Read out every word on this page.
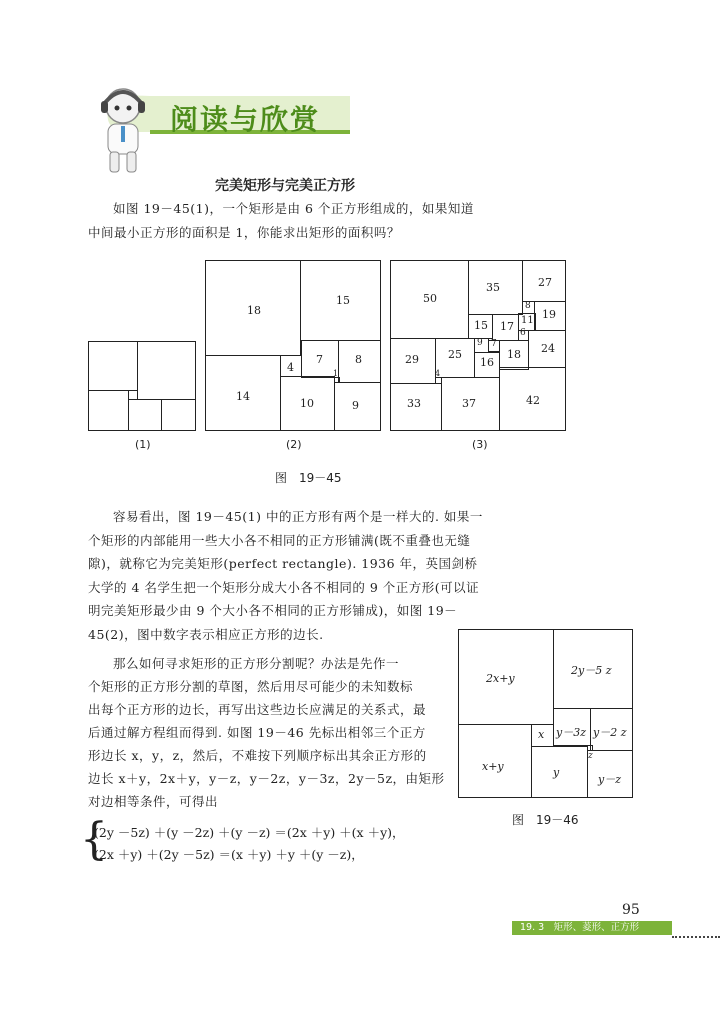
阅读与欣赏
完美矩形与完美正方形
如图 19－45(1)，一个矩形是由 6 个正方形组成的，如果知道中间最小正方形的面积是 1，你能求出矩形的面积吗？
18
15
4
7	8
14
1
10	9
50
35	27
8
19
15 17 11
6
24
29	25
9 7
18
16
4
33	37	42
(1)	(2)	(3)
图　19－45
容易看出，图 19－45(1) 中的正方形有两个是一样大的. 如果一个矩形的内部能用一些大小各不相同的正方形铺满(既不重叠也无缝隙)，就称它为完美矩形(perfect rectangle). 1936 年，英国剑桥大学的 4 名学生把一个矩形分成大小各不相同的 9 个正方形(可以证明完美矩形最少由 9 个大小各不相同的正方形铺成)，如图 19－45(2)，图中数字表示相应正方形的边长.
那么如何寻求矩形的正方形分割呢？办法是先作一
个矩形的正方形分割的草图，然后用尽可能少的未知数标
出每个正方形的边长，再写出这些边长应满足的关系式，最
后通过解方程组而得到. 如图 19－46 先标出相邻三个正方
形边长 x，y，z，然后，不难按下列顺序标出其余正方形的
边长 x＋y，2x＋y，y－z，y－2z，y－3z，2y－5z，由矩形
对边相等条件，可得出
2x+y
2y－5 z
x y－3z y－2 z
x+y	y
z
y－z
图　19－46
{
(2y －5z) ＋(y －2z) ＋(y －z) ＝(2x ＋y) ＋(x ＋y)，
(2x ＋y) ＋(2y －5z) ＝(x ＋y) ＋y ＋(y －z)，
95
19. 3　矩形、菱形、正方形
